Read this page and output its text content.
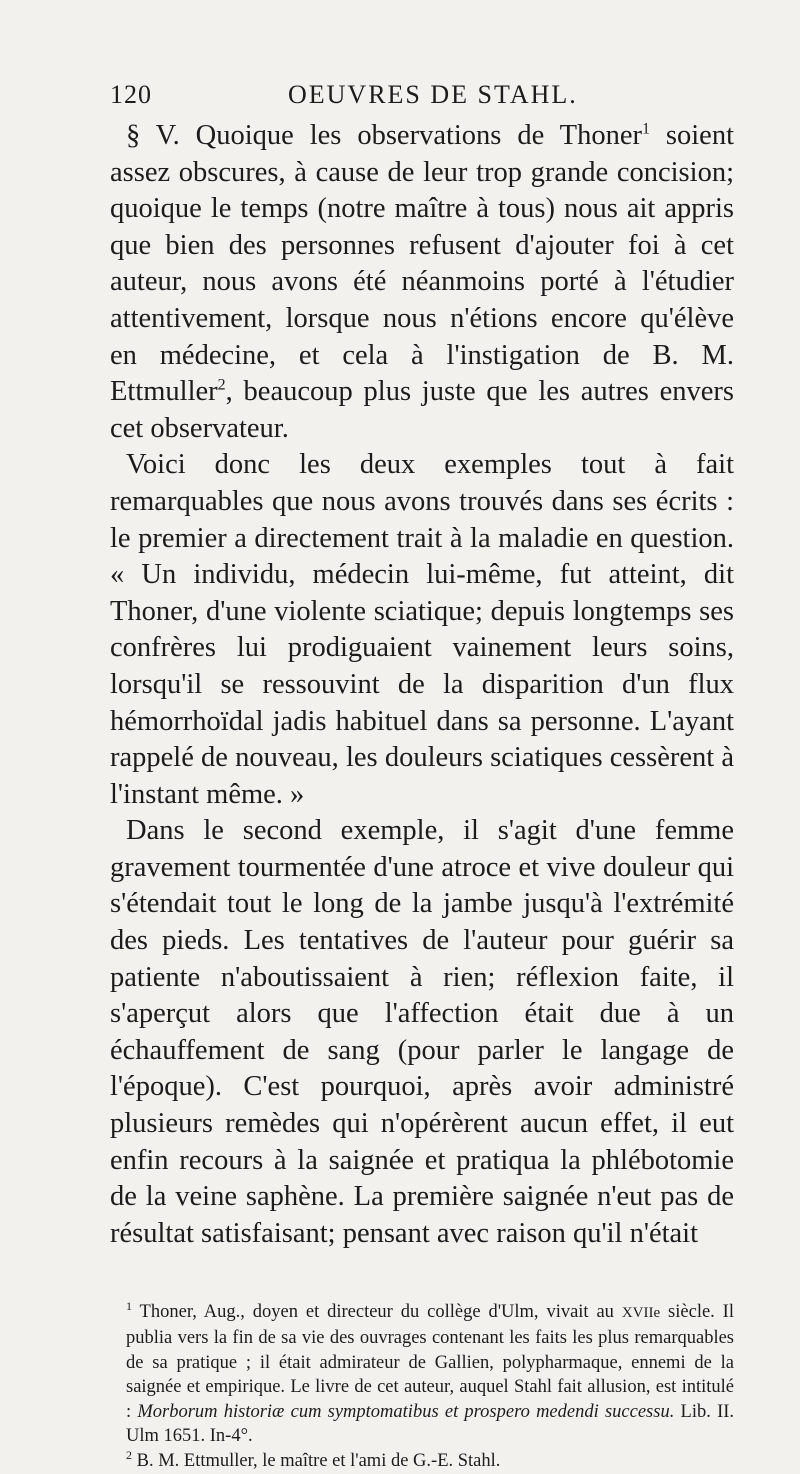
120	OEUVRES DE STAHL.

§ V. Quoique les observations de Thoner$^1$ soient assez obscures, à cause de leur trop grande concision; quoique le temps (notre maître à tous) nous ait appris que bien des personnes refusent d'ajouter foi à cet auteur, nous avons été néanmoins porté à l'étudier attentivement, lorsque nous n'étions encore qu'élève en médecine, et cela à l'instigation de B. M. Ettmuller$^2$, beaucoup plus juste que les autres envers cet observateur.

Voici donc les deux exemples tout à fait remarquables que nous avons trouvés dans ses écrits : le premier a directement trait à la maladie en question. « Un individu, médecin lui-même, fut atteint, dit Thoner, d'une violente sciatique; depuis longtemps ses confrères lui prodiguaient vainement leurs soins, lorsqu'il se ressouvint de la disparition d'un flux hémorrhoïdal jadis habituel dans sa personne. L'ayant rappelé de nouveau, les douleurs sciatiques cessèrent à l'instant même. »

Dans le second exemple, il s'agit d'une femme gravement tourmentée d'une atroce et vive douleur qui s'étendait tout le long de la jambe jusqu'à l'extrémité des pieds. Les tentatives de l'auteur pour guérir sa patiente n'aboutissaient à rien; réflexion faite, il s'aperçut alors que l'affection était due à un échauffement de sang (pour parler le langage de l'époque). C'est pourquoi, après avoir administré plusieurs remèdes qui n'opérèrent aucun effet, il eut enfin recours à la saignée et pratiqua la phlébotomie de la veine saphène. La première saignée n'eut pas de résultat satisfaisant; pensant avec raison qu'il n'était

$^1$ Thoner, Aug., doyen et directeur du collège d'Ulm, vivait au XVIIe siècle. Il publia vers la fin de sa vie des ouvrages contenant les faits les plus remarquables de sa pratique ; il était admirateur de Gallien, polypharmaque, ennemi de la saignée et empirique. Le livre de cet auteur, auquel Stahl fait allusion, est intitulé : Morborum historiæ cum symptomatibus et prospero medendi successu. Lib. II. Ulm 1651. In-4°.

$^2$ B. M. Ettmuller, le maître et l'ami de G.-E. Stahl.
